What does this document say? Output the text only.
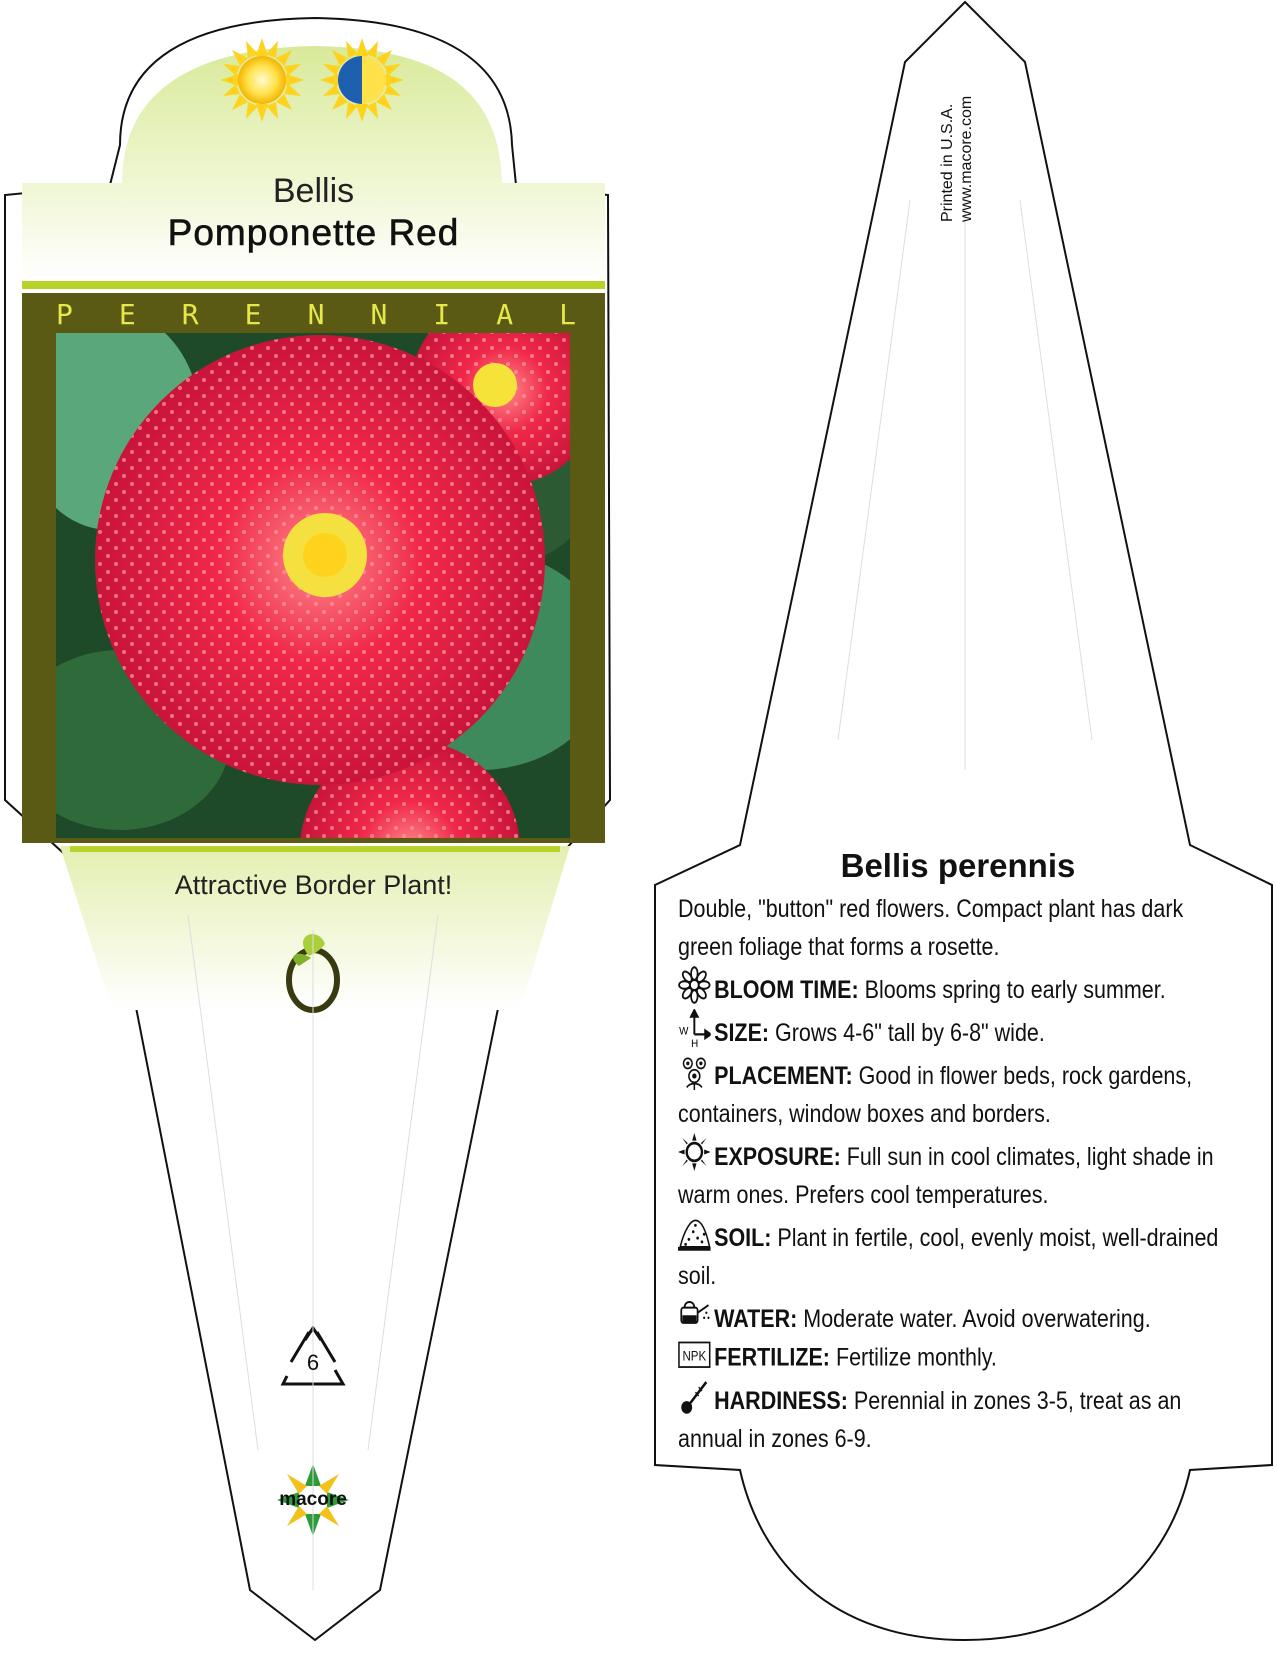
Bellis
Pomponette Red
P E R E N N I A L
Attractive Border Plant!
6
macore
Printed in U.S.A. www.macore.com
Bellis perennis
Double, "button" red flowers. Compact plant has dark green foliage that forms a rosette.
BLOOM TIME: Blooms spring to early summer.
W
H SIZE: Grows 4-6" tall by 6-8" wide.
PLACEMENT: Good in flower beds, rock gardens, containers, window boxes and borders.
EXPOSURE: Full sun in cool climates, light shade in warm ones. Prefers cool temperatures.
SOIL: Plant in fertile, cool, evenly moist, well-drained soil.
WATER: Moderate water. Avoid overwatering.
NPK FERTILIZE: Fertilize monthly.
HARDINESS: Perennial in zones 3-5, treat as an annual in zones 6-9.
